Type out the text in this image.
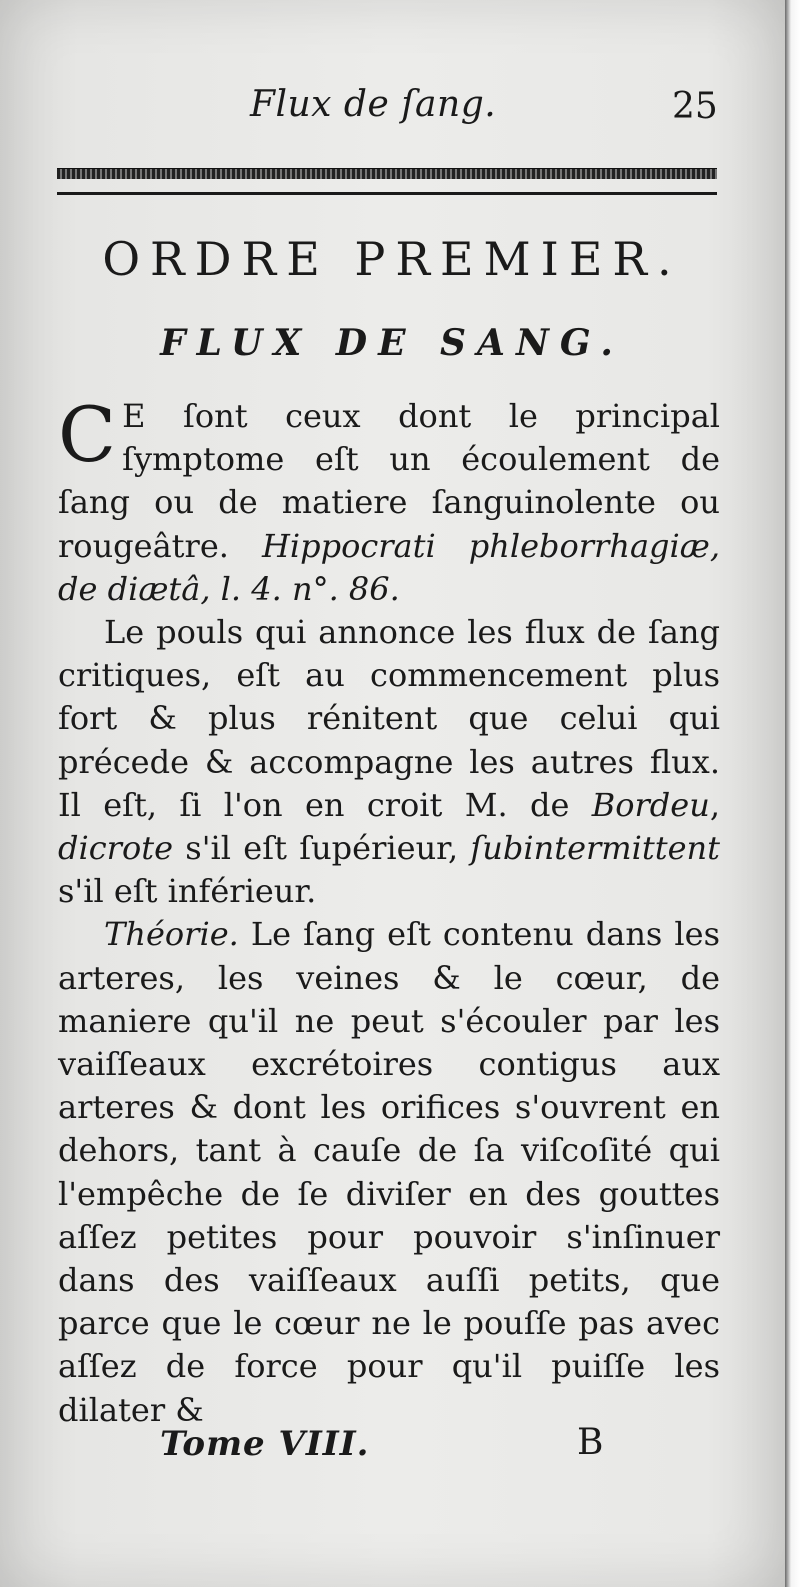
Flux de ſang.	25
ORDRE PREMIER.
FLUX DE SANG.

C E ſont ceux dont le principal ſymptome eſt un écoulement de ſang ou de matiere ſanguinolente ou rougeâtre. Hippocrati phleborrhagiæ, de diætâ, l. 4. n°. 86.

Le pouls qui annonce les flux de ſang critiques, eſt au commencement plus fort & plus rénitent que celui qui précede & accompagne les autres flux. Il eſt, ſi l'on en croit M. de Bordeu, dicrote s'il eſt ſupérieur, ſubintermittent s'il eſt inférieur.

Théorie. Le ſang eſt contenu dans les arteres, les veines & le cœur, de maniere qu'il ne peut s'écouler par les vaiſſeaux excrétoires contigus aux arteres & dont les orifices s'ouvrent en dehors, tant à cauſe de ſa viſcoſité qui l'empêche de ſe diviſer en des gouttes aſſez petites pour pouvoir s'inſinuer dans des vaiſſeaux auſſi petits, que parce que le cœur ne le pouſſe pas avec aſſez de force pour qu'il puiſſe les dilater &

Tome VIII.	B
